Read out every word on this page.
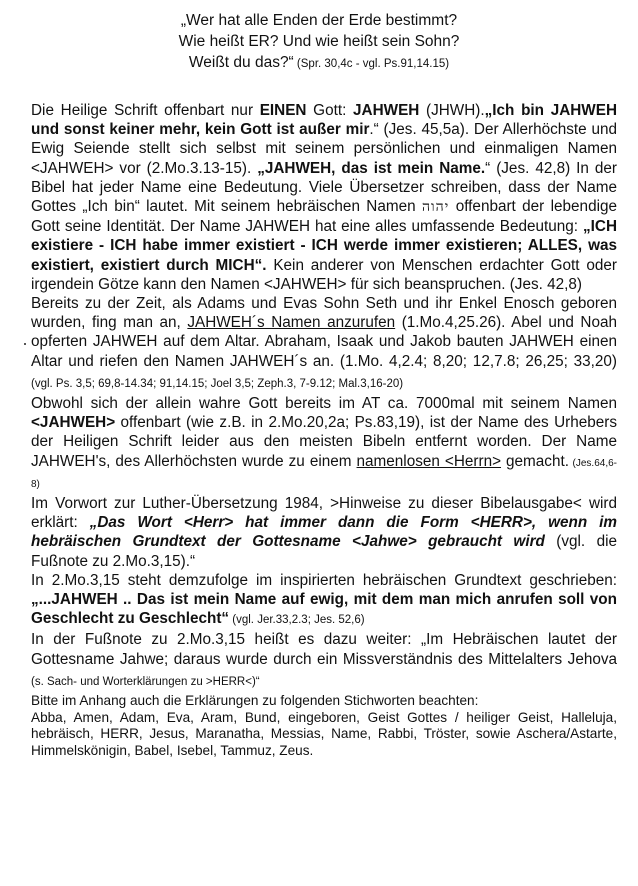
„Wer hat alle Enden der Erde bestimmt?
Wie heißt ER? Und wie heißt sein Sohn?
Weißt du das?“ (Spr. 30,4c - vgl. Ps.91,14.15)

Die Heilige Schrift offenbart nur EINEN Gott: JAHWEH (JHWH).„Ich bin JAHWEH und sonst keiner mehr, kein Gott ist außer mir.“ (Jes. 45,5a). Der Allerhöchste und Ewig Seiende stellt sich selbst mit seinem persönlichen und einmaligen Namen <JAHWEH> vor (2.Mo.3.13-15). „JAHWEH, das ist mein Name.“ (Jes. 42,8) In der Bibel hat jeder Name eine Bedeutung. Viele Übersetzer schreiben, dass der Name Gottes „Ich bin“ lautet. Mit seinem hebräischen Namen יהוה offenbart der lebendige Gott seine Identität. Der Name JAHWEH hat eine alles umfassende Bedeutung: „ICH existiere - ICH habe immer existiert - ICH werde immer existieren; ALLES, was existiert, existiert durch MICH“. Kein anderer von Menschen erdachter Gott oder irgendein Götze kann den Namen <JAHWEH> für sich beanspruchen. (Jes. 42,8)

Bereits zu der Zeit, als Adams und Evas Sohn Seth und ihr Enkel Enosch geboren wurden, fing man an, JAHWEH´s Namen anzurufen (1.Mo.4,25.26). Abel und Noah opferten JAHWEH auf dem Altar. Abraham, Isaak und Jakob bauten JAHWEH einen Altar und riefen den Namen JAHWEH´s an. (1.Mo. 4,2.4; 8,20; 12,7.8; 26,25; 33,20) (vgl. Ps. 3,5; 69,8-14.34; 91,14.15; Joel 3,5; Zeph.3, 7-9.12; Mal.3,16-20)

Obwohl sich der allein wahre Gott bereits im AT ca. 7000mal mit seinem Namen <JAHWEH> offenbart (wie z.B. in 2.Mo.20,2a; Ps.83,19), ist der Name des Urhebers der Heiligen Schrift leider aus den meisten Bibeln entfernt worden. Der Name JAHWEH's, des Allerhöchsten wurde zu einem namenlosen <Herrn> gemacht. (Jes.64,6-8)

Im Vorwort zur Luther-Übersetzung 1984, >Hinweise zu dieser Bibelausgabe< wird erklärt: „Das Wort <Herr> hat immer dann die Form <HERR>, wenn im hebräischen Grundtext der Gottesname <Jahwe> gebraucht wird (vgl. die Fußnote zu 2.Mo.3,15).“

In 2.Mo.3,15 steht demzufolge im inspirierten hebräischen Grundtext geschrieben: „...JAHWEH .. Das ist mein Name auf ewig, mit dem man mich anrufen soll von Geschlecht zu Geschlecht“ (vgl. Jer.33,2.3; Jes. 52,6)

In der Fußnote zu 2.Mo.3,15 heißt es dazu weiter: „Im Hebräischen lautet der Gottesname Jahwe; daraus wurde durch ein Missverständnis des Mittelalters Jehova (s. Sach- und Worterklärungen zu >HERR<)“

Bitte im Anhang auch die Erklärungen zu folgenden Stichworten beachten:
Abba, Amen, Adam, Eva, Aram, Bund, eingeboren, Geist Gottes / heiliger Geist, Halleluja, hebräisch, HERR, Jesus, Maranatha, Messias, Name, Rabbi, Tröster, sowie Aschera/Astarte, Himmelskönigin, Babel, Isebel, Tammuz, Zeus.
